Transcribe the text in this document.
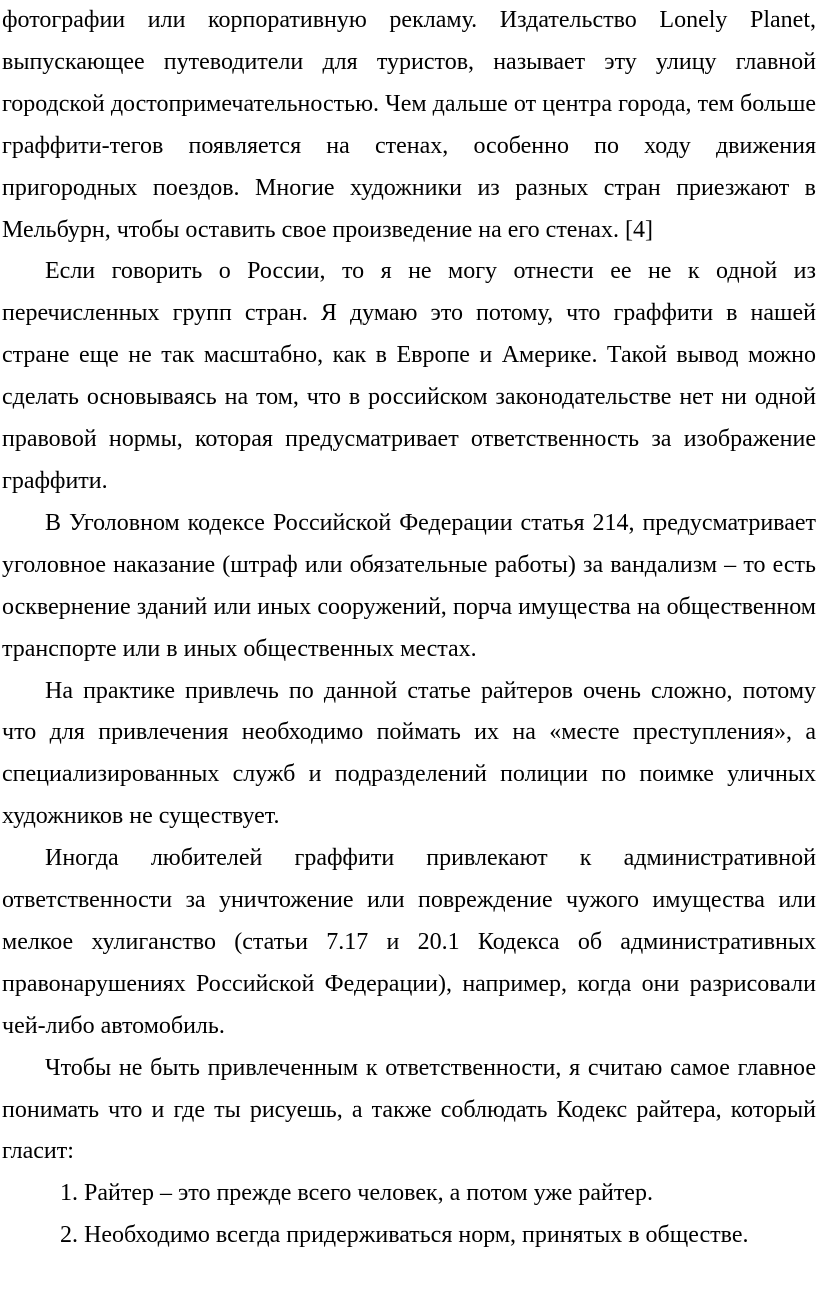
фотографии или корпоративную рекламу. Издательство Lonely Planet, выпускающее путеводители для туристов, называет эту улицу главной городской достопримечательностью. Чем дальше от центра города, тем больше граффити-тегов появляется на стенах, особенно по ходу движения пригородных поездов. Многие художники из разных стран приезжают в Мельбурн, чтобы оставить свое произведение на его стенах. [4]

Если говорить о России, то я не могу отнести ее не к одной из перечисленных групп стран. Я думаю это потому, что граффити в нашей стране еще не так масштабно, как в Европе и Америке. Такой вывод можно сделать основываясь на том, что в российском законодательстве нет ни одной правовой нормы, которая предусматривает ответственность за изображение граффити.

В Уголовном кодексе Российской Федерации статья 214, предусматривает уголовное наказание (штраф или обязательные работы) за вандализм – то есть осквернение зданий или иных сооружений, порча имущества на общественном транспорте или в иных общественных местах.

На практике привлечь по данной статье райтеров очень сложно, потому что для привлечения необходимо поймать их на «месте преступления», а специализированных служб и подразделений полиции по поимке уличных художников не существует.

Иногда любителей граффити привлекают к административной ответственности за уничтожение или повреждение чужого имущества или мелкое хулиганство (статьи 7.17 и 20.1 Кодекса об административных правонарушениях Российской Федерации), например, когда они разрисовали чей-либо автомобиль.

Чтобы не быть привлеченным к ответственности, я считаю самое главное понимать что и где ты рисуешь, а также соблюдать Кодекс райтера, который гласит:

1. Райтер – это прежде всего человек, а потом уже райтер.

2. Необходимо всегда придерживаться норм, принятых в обществе.
